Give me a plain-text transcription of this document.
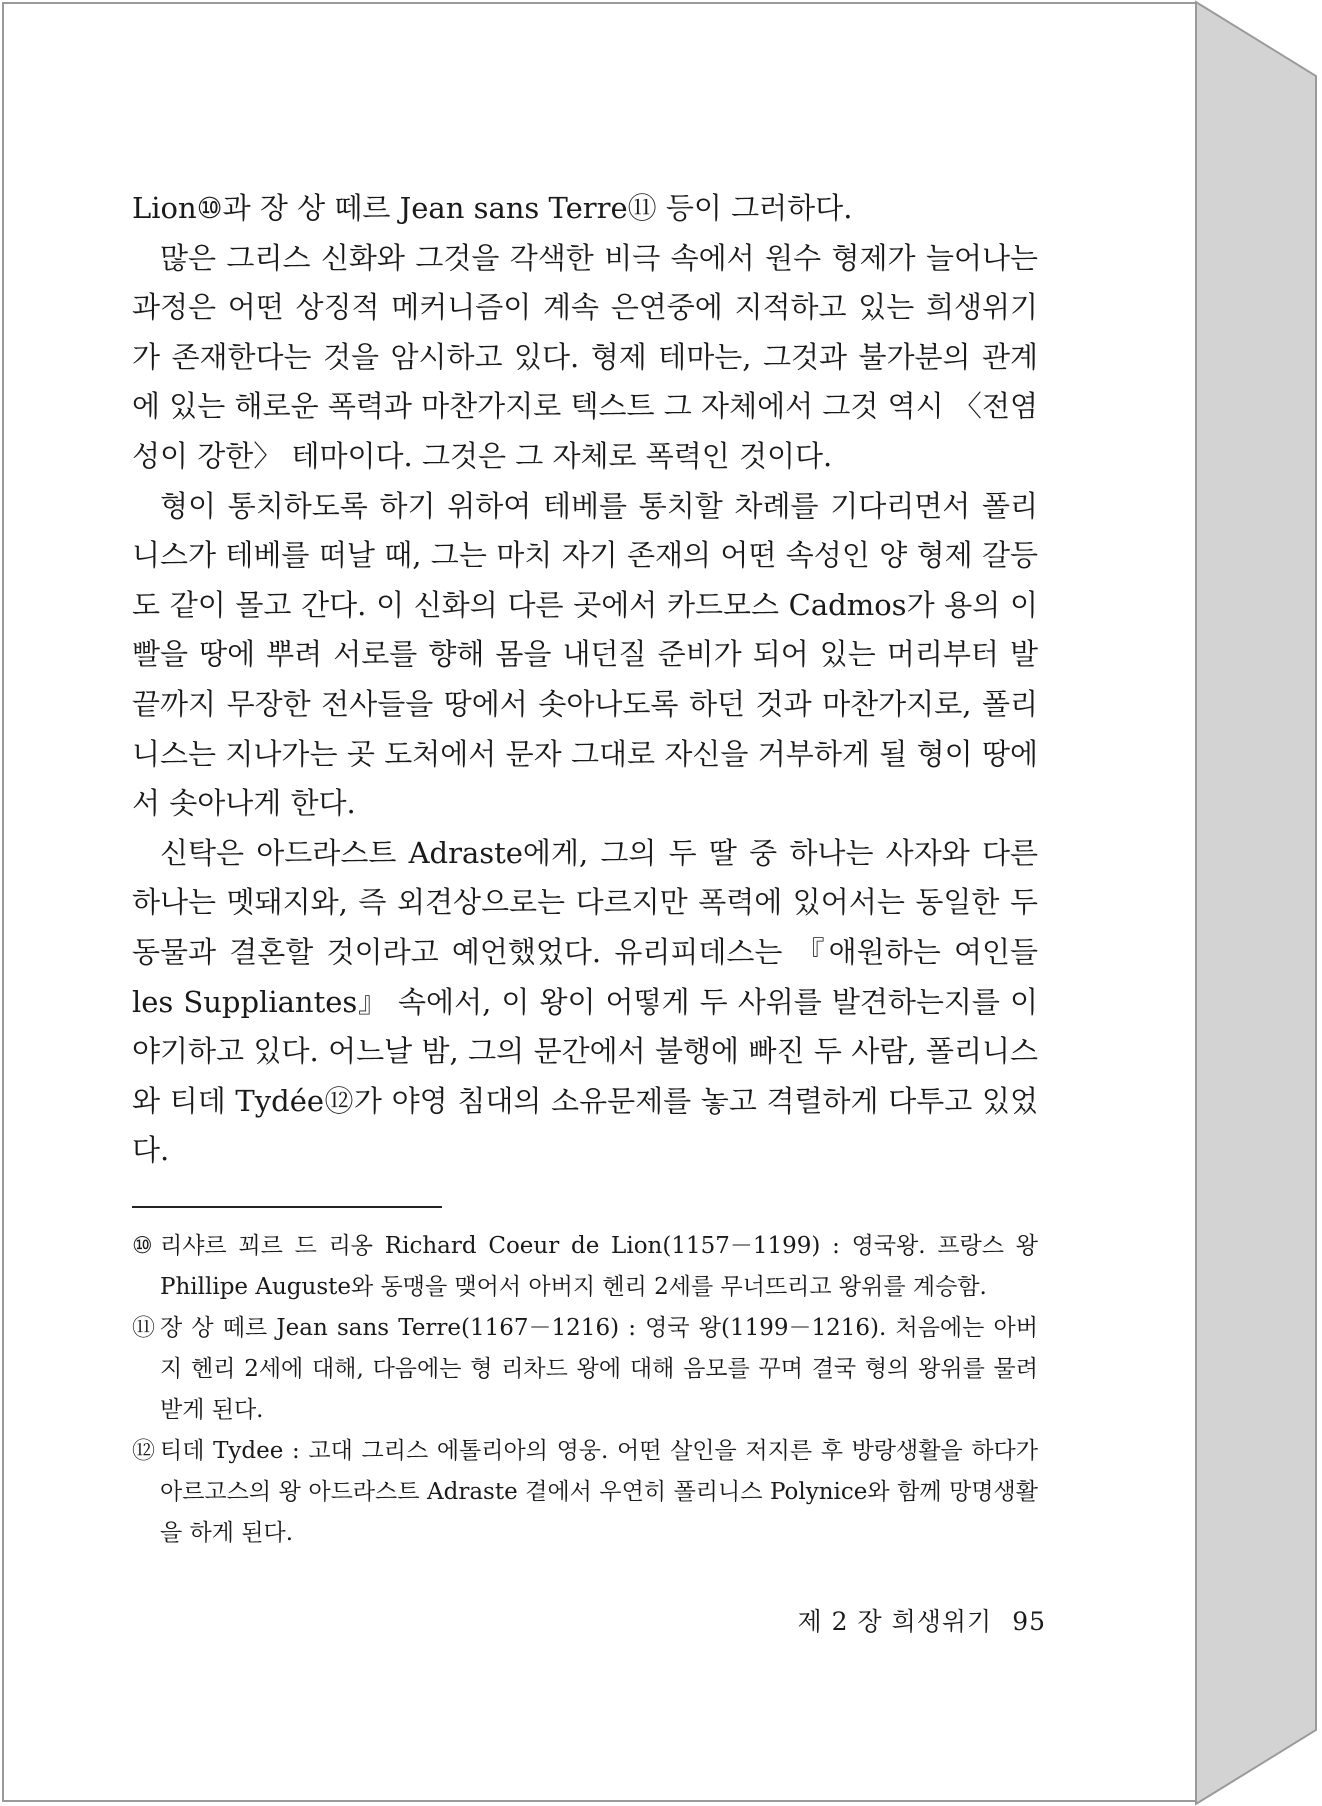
Lion⑩과 장 상 떼르 Jean sans Terre⑪ 등이 그러하다.

많은 그리스 신화와 그것을 각색한 비극 속에서 원수 형제가 늘어나는 과정은 어떤 상징적 메커니즘이 계속 은연중에 지적하고 있는 희생위기가 존재한다는 것을 암시하고 있다. 형제 테마는, 그것과 불가분의 관계에 있는 해로운 폭력과 마찬가지로 텍스트 그 자체에서 그것 역시 〈전염성이 강한〉 테마이다. 그것은 그 자체로 폭력인 것이다.

형이 통치하도록 하기 위하여 테베를 통치할 차례를 기다리면서 폴리니스가 테베를 떠날 때, 그는 마치 자기 존재의 어떤 속성인 양 형제 갈등도 같이 몰고 간다. 이 신화의 다른 곳에서 카드모스 Cadmos가 용의 이빨을 땅에 뿌려 서로를 향해 몸을 내던질 준비가 되어 있는 머리부터 발끝까지 무장한 전사들을 땅에서 솟아나도록 하던 것과 마찬가지로, 폴리니스는 지나가는 곳 도처에서 문자 그대로 자신을 거부하게 될 형이 땅에서 솟아나게 한다.

신탁은 아드라스트 Adraste에게, 그의 두 딸 중 하나는 사자와 다른 하나는 멧돼지와, 즉 외견상으로는 다르지만 폭력에 있어서는 동일한 두 동물과 결혼할 것이라고 예언했었다. 유리피데스는 『애원하는 여인들 les Suppliantes』 속에서, 이 왕이 어떻게 두 사위를 발견하는지를 이야기하고 있다. 어느날 밤, 그의 문간에서 불행에 빠진 두 사람, 폴리니스와 티데 Tydée⑫가 야영 침대의 소유문제를 놓고 격렬하게 다투고 있었다.

⑩ 리샤르 꾀르 드 리옹 Richard Coeur de Lion(1157－1199) : 영국왕. 프랑스 왕 Phillipe Auguste와 동맹을 맺어서 아버지 헨리 2세를 무너뜨리고 왕위를 계승함.

⑪ 장 상 떼르 Jean sans Terre(1167－1216) : 영국 왕(1199－1216). 처음에는 아버지 헨리 2세에 대해, 다음에는 형 리차드 왕에 대해 음모를 꾸며 결국 형의 왕위를 물려받게 된다.

⑫ 티데 Tydee : 고대 그리스 에톨리아의 영웅. 어떤 살인을 저지른 후 방랑생활을 하다가 아르고스의 왕 아드라스트 Adraste 곁에서 우연히 폴리니스 Polynice와 함께 망명생활을 하게 된다.

제 2 장 희생위기 95
